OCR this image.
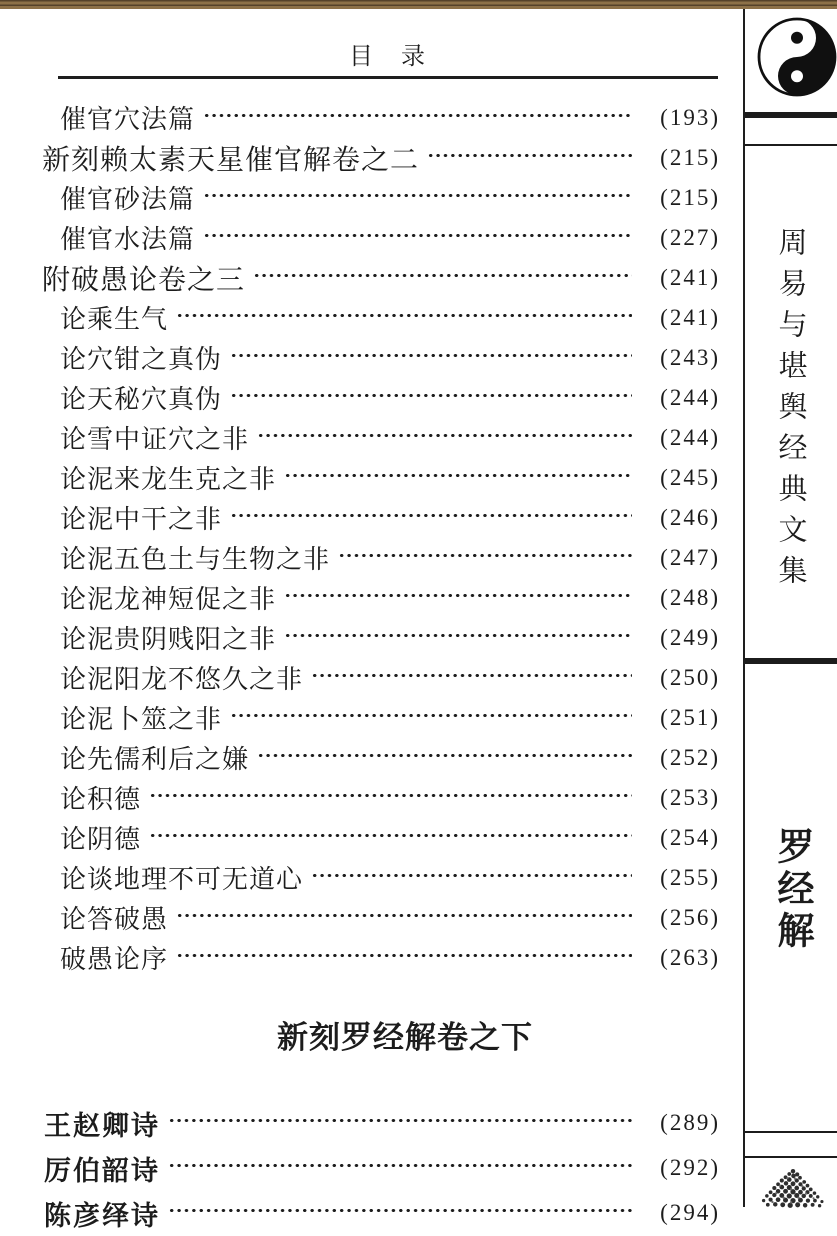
目　录
催官穴法篇	(193)
新刻赖太素天星催官解卷之二	(215)
催官砂法篇	(215)
催官水法篇	(227)
附破愚论卷之三	(241)
论乘生气	(241)
论穴钳之真伪	(243)
论天秘穴真伪	(244)
论雪中证穴之非	(244)
论泥来龙生克之非	(245)
论泥中干之非	(246)
论泥五色土与生物之非	(247)
论泥龙神短促之非	(248)
论泥贵阴贱阳之非	(249)
论泥阳龙不悠久之非	(250)
论泥卜筮之非	(251)
论先儒利后之嫌	(252)
论积德	(253)
论阴德	(254)
论谈地理不可无道心	(255)
论答破愚	(256)
破愚论序	(263)
新刻罗经解卷之下
王赵卿诗	(289)
厉伯韶诗	(292)
陈彦绎诗	(294)
周易与堪舆经典文集
罗经解
